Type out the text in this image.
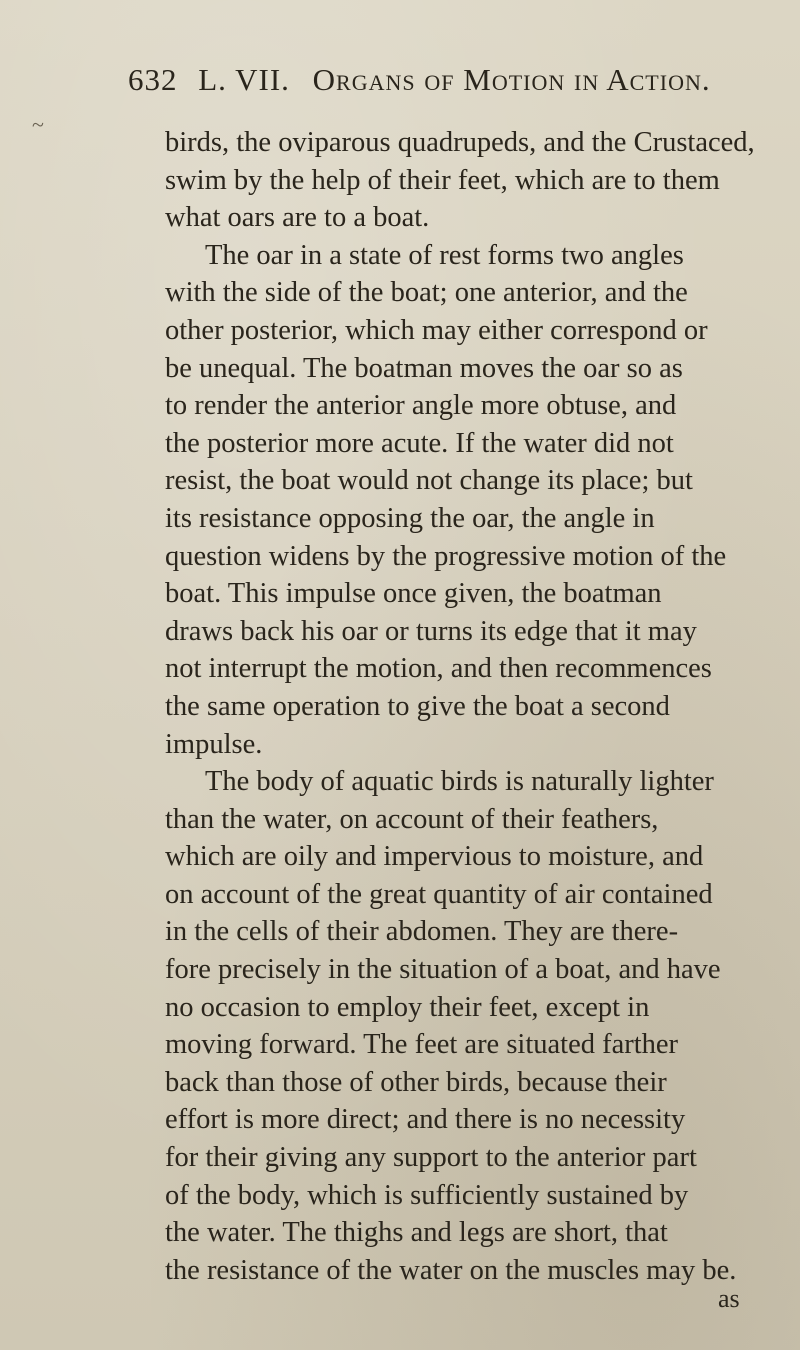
~
632 L. VII. Organs of Motion in Action.
birds, the oviparous quadrupeds, and the Crustaced,
swim by the help of their feet, which are to them
what oars are to a boat.
The oar in a state of rest forms two angles
with the side of the boat; one anterior, and the
other posterior, which may either correspond or
be unequal. The boatman moves the oar so as
to render the anterior angle more obtuse, and
the posterior more acute. If the water did not
resist, the boat would not change its place; but
its resistance opposing the oar, the angle in
question widens by the progressive motion of the
boat. This impulse once given, the boatman
draws back his oar or turns its edge that it may
not interrupt the motion, and then recommences
the same operation to give the boat a second
impulse.
The body of aquatic birds is naturally lighter
than the water, on account of their feathers,
which are oily and impervious to moisture, and
on account of the great quantity of air contained
in the cells of their abdomen. They are there-
fore precisely in the situation of a boat, and have
no occasion to employ their feet, except in
moving forward. The feet are situated farther
back than those of other birds, because their
effort is more direct; and there is no necessity
for their giving any support to the anterior part
of the body, which is sufficiently sustained by
the water. The thighs and legs are short, that
the resistance of the water on the muscles may be.
as
